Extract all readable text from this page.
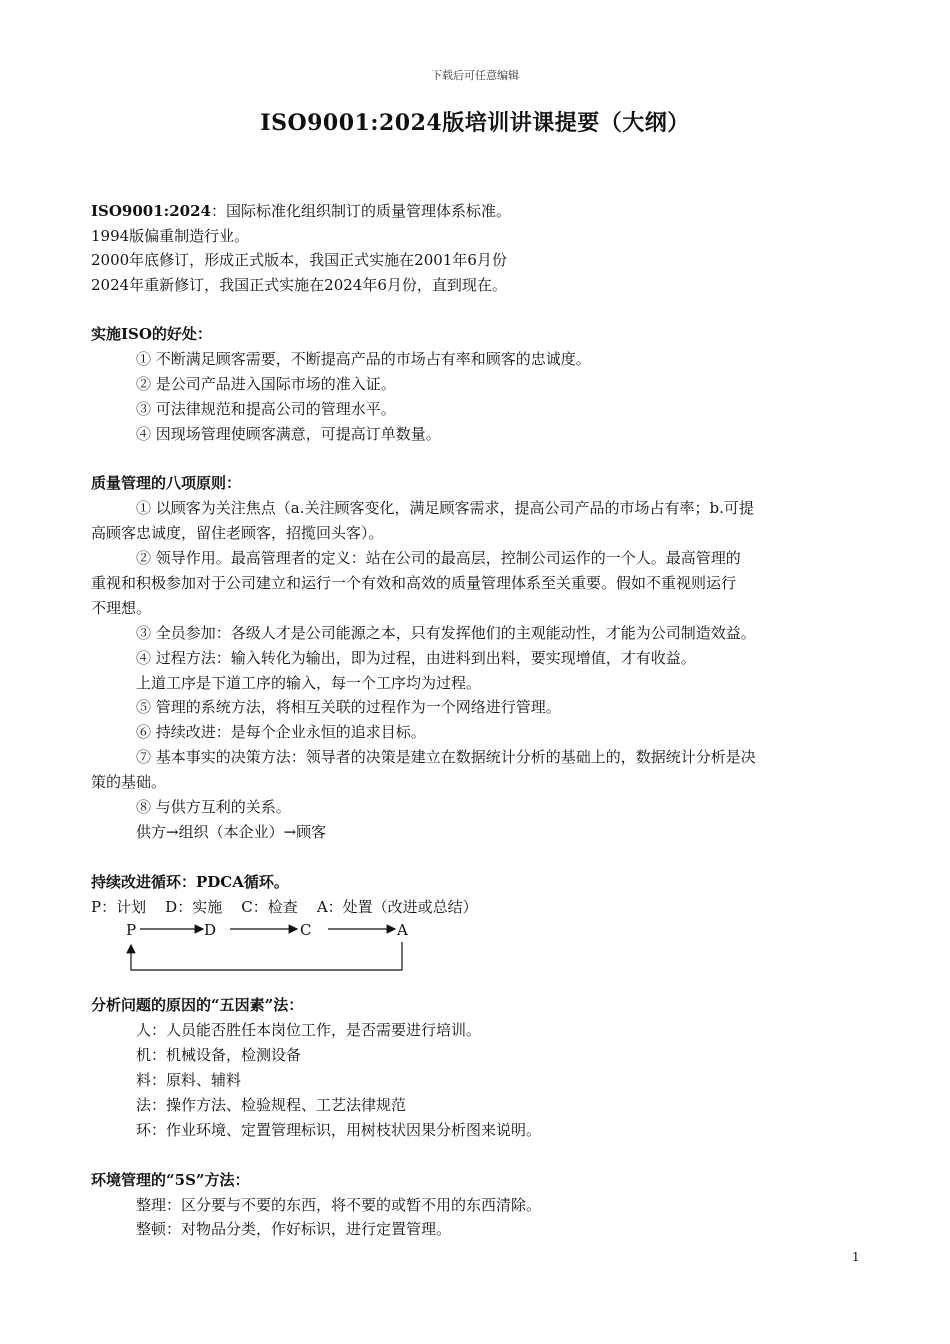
下载后可任意编辑
ISO9001:2024版培训讲课提要（大纲）
ISO9001:2024：国际标准化组织制订的质量管理体系标准。
1994版偏重制造行业。
2000年底修订，形成正式版本，我国正式实施在2001年6月份
2024年重新修订，我国正式实施在2024年6月份，直到现在。
实施ISO的好处：
① 不断满足顾客需要，不断提高产品的市场占有率和顾客的忠诚度。
② 是公司产品进入国际市场的准入证。
③ 可法律规范和提高公司的管理水平。
④ 因现场管理使顾客满意，可提高订单数量。
质量管理的八项原则：
① 以顾客为关注焦点（a.关注顾客变化，满足顾客需求，提高公司产品的市场占有率；b.可提
高顾客忠诚度，留住老顾客，招揽回头客）。
② 领导作用。最高管理者的定义：站在公司的最高层，控制公司运作的一个人。最高管理的
重视和积极参加对于公司建立和运行一个有效和高效的质量管理体系至关重要。假如不重视则运行
不理想。
③ 全员参加：各级人才是公司能源之本，只有发挥他们的主观能动性，才能为公司制造效益。
④ 过程方法：输入转化为输出，即为过程，由进料到出料，要实现增值，才有收益。
上道工序是下道工序的输入，每一个工序均为过程。
⑤ 管理的系统方法，将相互关联的过程作为一个网络进行管理。
⑥ 持续改进：是每个企业永恒的追求目标。
⑦ 基本事实的决策方法：领导者的决策是建立在数据统计分析的基础上的，数据统计分析是决
策的基础。
⑧ 与供方互利的关系。
供方→组织（本企业）→顾客
持续改进循环：PDCA循环。
P：计划    D：实施    C：检查    A：处置（改进或总结）
P	D	C	A
分析问题的原因的“五因素”法：
人：人员能否胜任本岗位工作，是否需要进行培训。
机：机械设备，检测设备
料：原料、辅料
法：操作方法、检验规程、工艺法律规范
环：作业环境、定置管理标识，用树枝状因果分析图来说明。
环境管理的“5S”方法：
整理：区分要与不要的东西，将不要的或暂不用的东西清除。
整顿：对物品分类，作好标识，进行定置管理。
1
